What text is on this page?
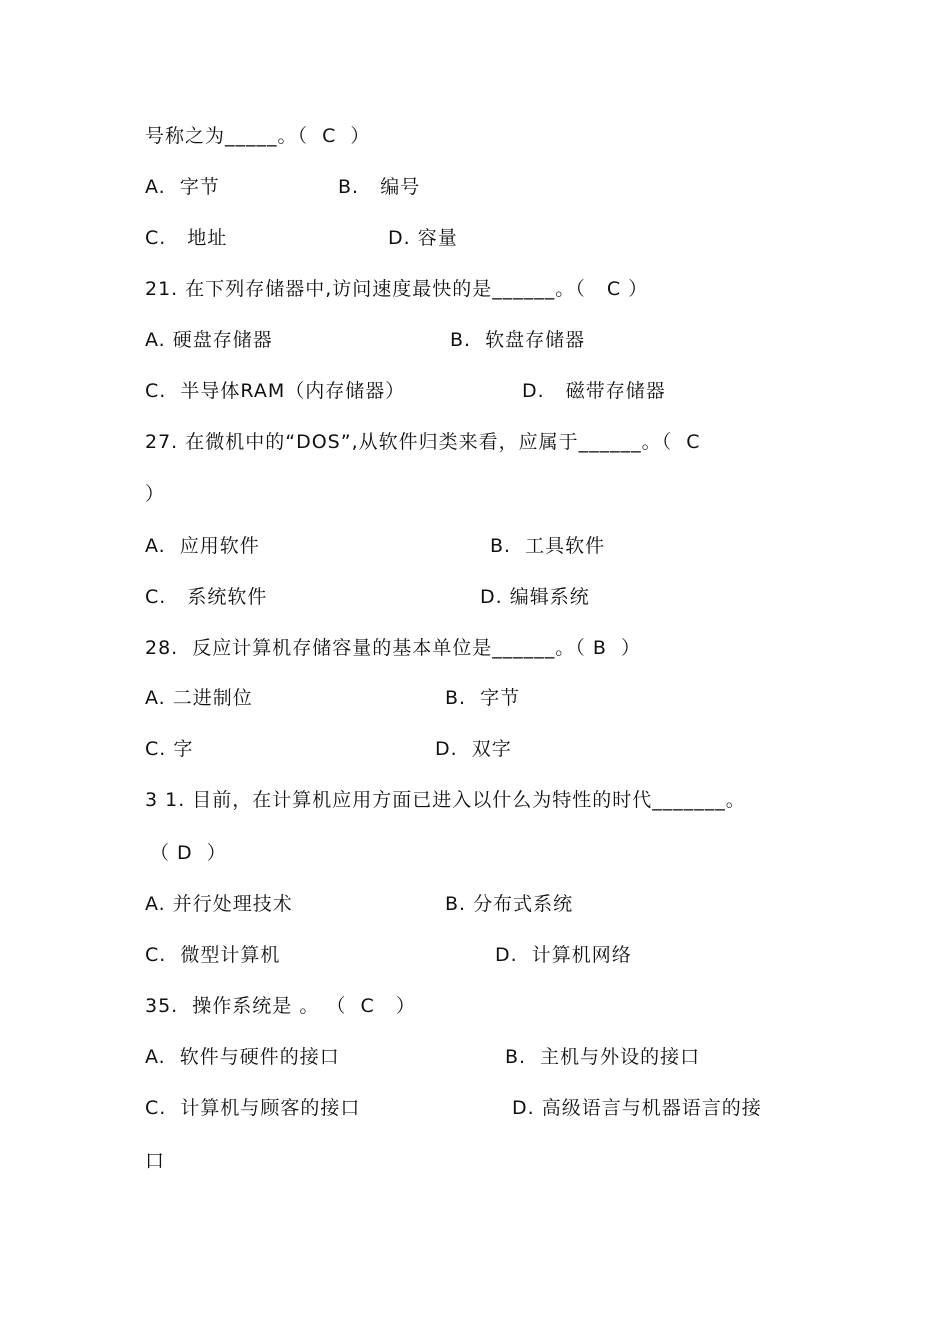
号称之为_____。（  C  ）

A.  字节

	B.   编号

C.   地址

	D. 容量

21. 在下列存储器中,访问速度最快的是______。（   C ）

A. 硬盘存储器

	B.  软盘存储器

C.  半导体RAM（内存储器）

	D.   磁带存储器

27. 在微机中的“DOS”,从软件归类来看，应属于______。（  C

）

A.  应用软件

	B.  工具软件

C.   系统软件

	D. 编辑系统

28.  反应计算机存储容量的基本单位是______。（ B  ）

A. 二进制位

	B.  字节

C. 字

	D.  双字

3 1. 目前，在计算机应用方面已进入以什么为特性的时代_______。

（ D  ）

A. 并行处理技术

	B. 分布式系统

C.  微型计算机

	D.  计算机网络

35.  操作系统是 。 （  C   ）

A.  软件与硬件的接口

	B.  主机与外设的接口

C.  计算机与顾客的接口

	D. 高级语言与机器语言的接

口
